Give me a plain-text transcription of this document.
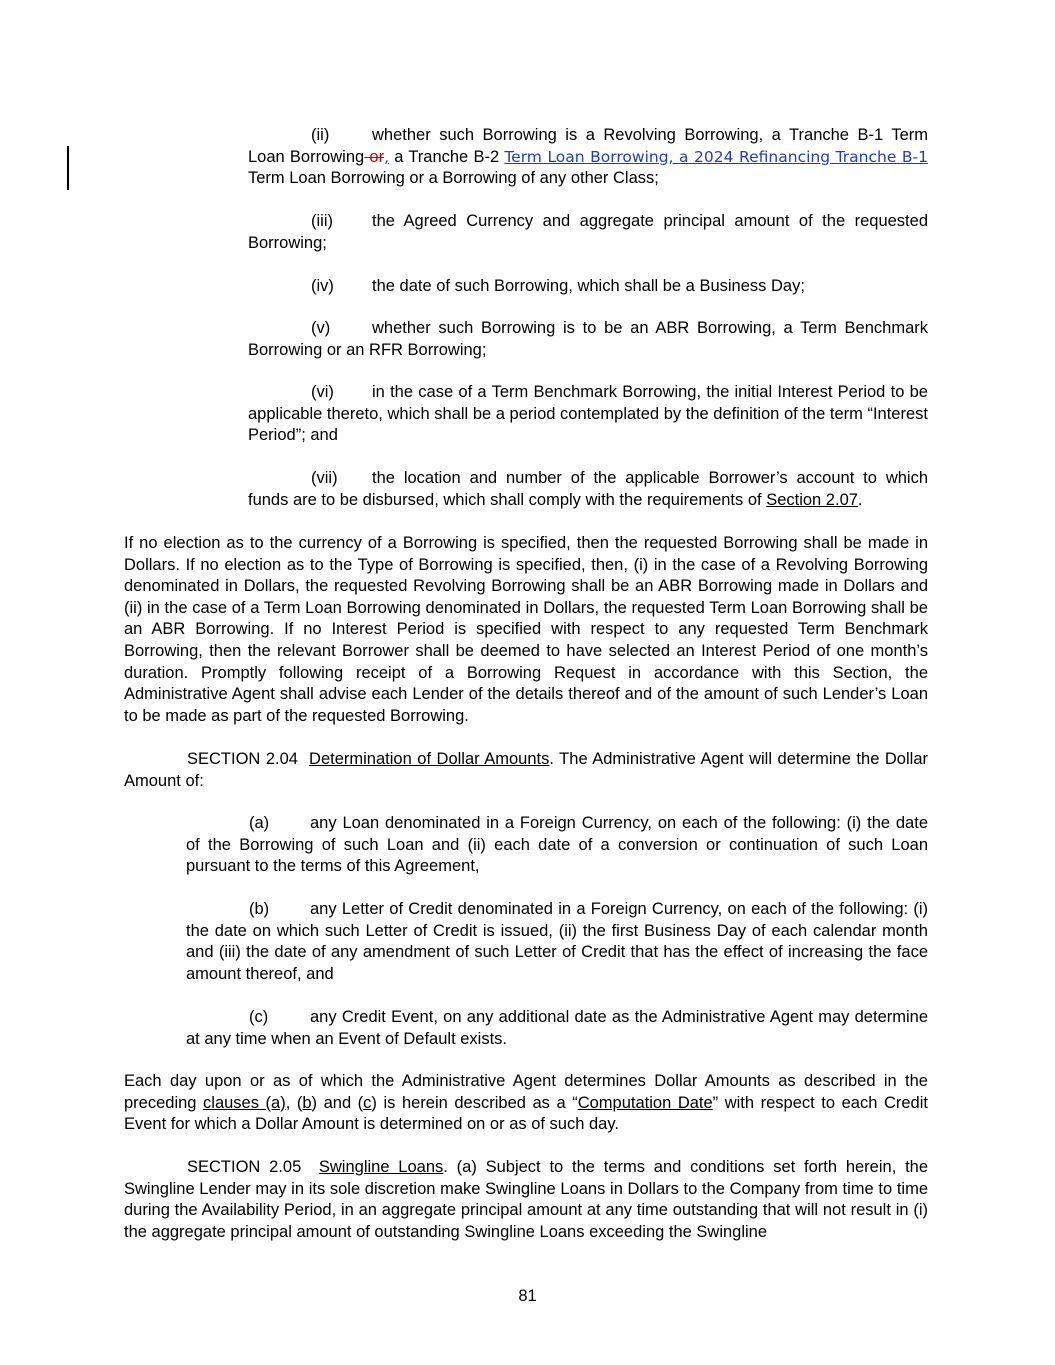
(ii)	whether such Borrowing is a Revolving Borrowing, a Tranche B-1 Term Loan Borrowing or, a Tranche B-2 Term Loan Borrowing, a 2024 Refinancing Tranche B-1 Term Loan Borrowing or a Borrowing of any other Class;
(iii) the Agreed Currency and aggregate principal amount of the requested Borrowing;
(iv) the date of such Borrowing, which shall be a Business Day;
(v)	whether such Borrowing is to be an ABR Borrowing, a Term Benchmark Borrowing or an RFR Borrowing;
(vi) in the case of a Term Benchmark Borrowing, the initial Interest Period to be applicable thereto, which shall be a period contemplated by the definition of the term “Interest Period”; and
(vii) the location and number of the applicable Borrower’s account to which funds are to be disbursed, which shall comply with the requirements of Section 2.07.
If no election as to the currency of a Borrowing is specified, then the requested Borrowing shall be made in Dollars. If no election as to the Type of Borrowing is specified, then, (i) in the case of a Revolving Borrowing denominated in Dollars, the requested Revolving Borrowing shall be an ABR Borrowing made in Dollars and (ii) in the case of a Term Loan Borrowing denominated in Dollars, the requested Term Loan Borrowing shall be an ABR Borrowing. If no Interest Period is specified with respect to any requested Term Benchmark Borrowing, then the relevant Borrower shall be deemed to have selected an Interest Period of one month’s duration. Promptly following receipt of a Borrowing Request in accordance with this Section, the Administrative Agent shall advise each Lender of the details thereof and of the amount of such Lender’s Loan to be made as part of the requested Borrowing.
SECTION 2.04 Determination of Dollar Amounts. The Administrative Agent will determine the Dollar Amount of:
(a) any Loan denominated in a Foreign Currency, on each of the following: (i) the date of the Borrowing of such Loan and (ii) each date of a conversion or continuation of such Loan pursuant to the terms of this Agreement,
(b) any Letter of Credit denominated in a Foreign Currency, on each of the following: (i) the date on which such Letter of Credit is issued, (ii) the first Business Day of each calendar month and (iii) the date of any amendment of such Letter of Credit that has the effect of increasing the face amount thereof, and
(c)	any Credit Event, on any additional date as the Administrative Agent may determine at any time when an Event of Default exists.
Each day upon or as of which the Administrative Agent determines Dollar Amounts as described in the preceding clauses (a), (b) and (c) is herein described as a “Computation Date” with respect to each Credit Event for which a Dollar Amount is determined on or as of such day.
SECTION 2.05 Swingline Loans. (a) Subject to the terms and conditions set forth herein, the Swingline Lender may in its sole discretion make Swingline Loans in Dollars to the Company from time to time during the Availability Period, in an aggregate principal amount at any time outstanding that will not result in (i) the aggregate principal amount of outstanding Swingline Loans exceeding the Swingline
81
